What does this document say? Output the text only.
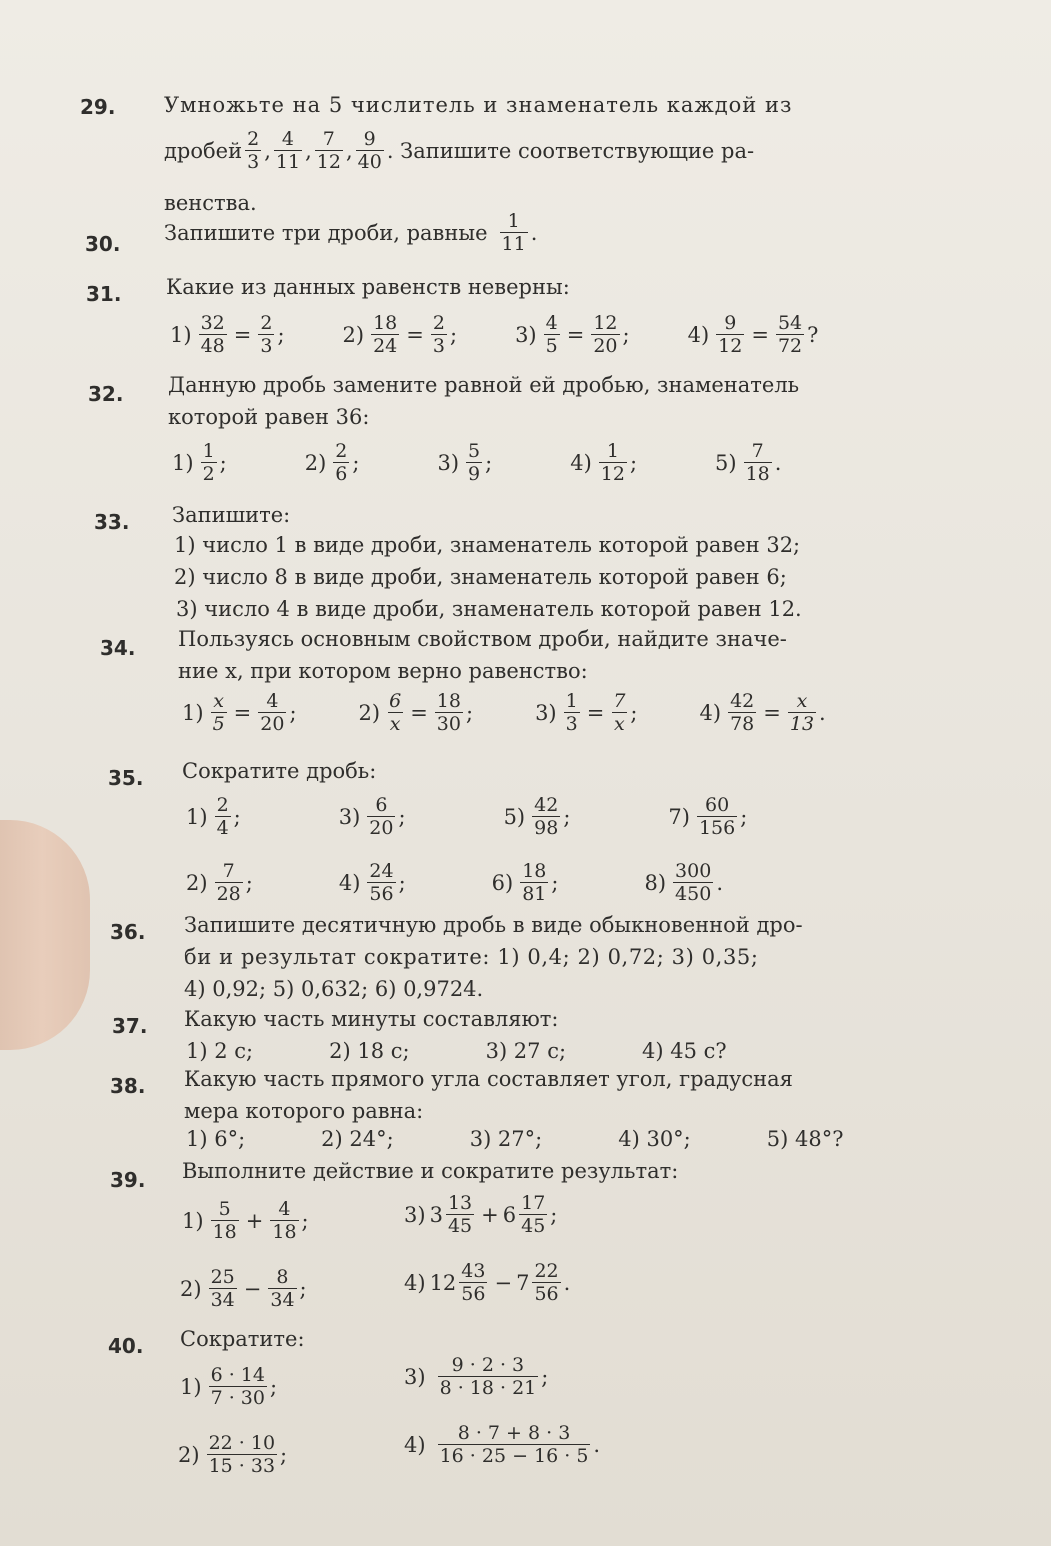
29. Умножьте на 5 числитель и знаменатель каждой из
дробей $\frac{2}{3}$ , $\frac{4}{11}$ , $\frac{7}{12}$ , $\frac{9}{40}$ . Запишите соответствующие ра-
венства.
30. Запишите три дроби, равные $\frac{1}{11}$ .
31. Какие из данных равенств неверны:
$1) \frac{32}{48} = \frac{2}{3}$ ;	$2) \frac{18}{24} = \frac{2}{3}$ ;	$3) \frac{4}{5} = \frac{12}{20}$ ;	$4) \frac{9}{12} = \frac{54}{72}$ ?
32. Данную дробь замените равной ей дробью, знаменатель
которой равен 36:
$1) \frac{1}{2}$ ;	$2) \frac{2}{6}$ ;	$3) \frac{5}{9}$ ;	$4) \frac{1}{12}$ ;	$5) \frac{7}{18}$ .
33. Запишите:
1) число 1 в виде дроби, знаменатель которой равен 32;
2) число 8 в виде дроби, знаменатель которой равен 6;
3) число 4 в виде дроби, знаменатель которой равен 12.
34. Пользуясь основным свойством дроби, найдите значе-
ние x, при котором верно равенство:
$1) \frac{x}{5} = \frac{4}{20}$ ;	$2) \frac{6}{x} = \frac{18}{30}$ ;	$3) \frac{1}{3} = \frac{7}{x}$ ;	$4) \frac{42}{78} = \frac{x}{13}$ .
35. Сократите дробь:
$1) \frac{2}{4}$ ;	$3) \frac{6}{20}$ ;	$5) \frac{42}{98}$ ;	$7) \frac{60}{156}$ ;
$2) \frac{7}{28}$ ;	$4) \frac{24}{56}$ ;	$6) \frac{18}{81}$ ;	$8) \frac{300}{450}$ .
36. Запишите десятичную дробь в виде обыкновенной дро-
би и результат сократите: 1) 0,4; 2) 0,72; 3) 0,35;
4) 0,92; 5) 0,632; 6) 0,9724.
37. Какую часть минуты составляют:
1) 2 с;	2) 18 с;	3) 27 с;	4) 45 с?
38. Какую часть прямого угла составляет угол, градусная
мера которого равна:
1) 6°;	2) 24°;	3) 27°;	4) 30°;	5) 48°?
39. Выполните действие и сократите результат:
$1) \frac{5}{18} + \frac{4}{18}$ ;	3) $3 \frac{13}{45} + 6 \frac{17}{45}$ ;
$2) \frac{25}{34} - \frac{8}{34}$ ;	4) $12 \frac{43}{56} - 7 \frac{22}{56}$ .
40. Сократите:
$1) \frac{6 \cdot 14}{7 \cdot 30}$ ;	$3) \frac{9 \cdot 2 \cdot 3}{8 \cdot 18 \cdot 21}$ ;
$2) \frac{22 \cdot 10}{15 \cdot 33}$ ;	$4) \frac{8 \cdot 7 + 8 \cdot 3}{16 \cdot 25 - 16 \cdot 5}$ .
